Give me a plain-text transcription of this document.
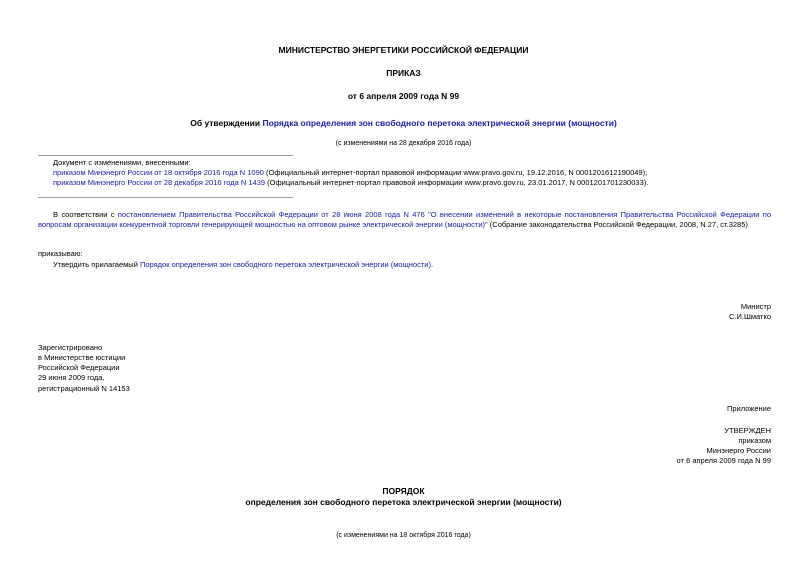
МИНИСТЕРСТВО ЭНЕРГЕТИКИ РОССИЙСКОЙ ФЕДЕРАЦИИ
ПРИКАЗ
от 6 апреля 2009 года N 99
Об утверждении Порядка определения зон свободного перетока электрической энергии (мощности)
(с изменениями на 28 декабря 2016 года)

Документ с изменениями, внесенными:

приказом Минэнерго России от 18 октября 2016 года N 1090 (Официальный интернет-портал правовой информации www.pravo.gov.ru, 19.12.2016, N 0001201612190049);

приказом Минэнерго России от 28 декабря 2016 года N 1439 (Официальный интернет-портал правовой информации www.pravo.gov.ru, 23.01.2017, N 0001201701230033).

В соответствии с постановлением Правительства Российской Федерации от 28 июня 2008 года N 476 "О внесении изменений в некоторые постановления Правительства Российской Федерации по вопросам организации конкурентной торговли генерирующей мощностью на оптовом рынке электрической энергии (мощности)" (Собрание законодательства Российской Федерации, 2008, N 27, ст.3285)
приказываю:
Утвердить прилагаемый Порядок определения зон свободного перетока электрической энергии (мощности).

Министр

С.И.Шматко

Зарегистрировано

в Министерстве юстиции

Российской Федерации

29 июня 2009 года,

регистрационный N 14153

Приложение

УТВЕРЖДЕН

приказом

Минэнерго России

от 6 апреля 2009 года N 99

ПОРЯДОК
определения зон свободного перетока электрической энергии (мощности)
(с изменениями на 18 октября 2016 года)
